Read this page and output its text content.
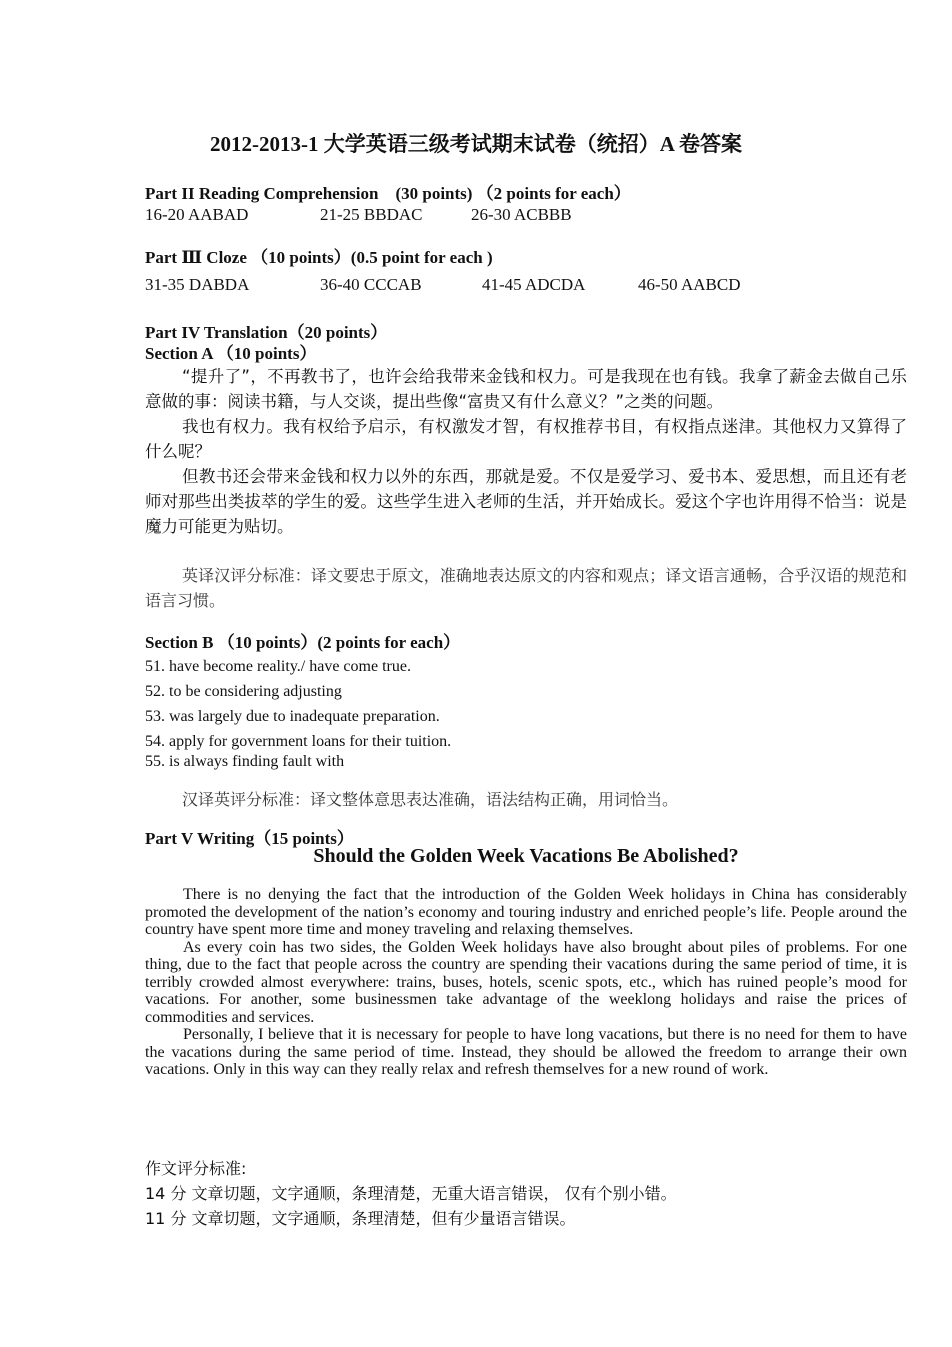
2012-2013-1 大学英语三级考试期末试卷（统招）A 卷答案
Part II Reading Comprehension　(30 points) （2 points for each）
16-20 AABAD	21-25 BBDAC	26-30 ACBBB
Part Ⅲ Cloze （10 points）(0.5 point for each )
31-35 DABDA	36-40 CCCAB	41-45 ADCDA	46-50 AABCD
Part IV Translation（20 points）
Section A （10 points）

“提升了”，不再教书了，也许会给我带来金钱和权力。可是我现在也有钱。我拿了薪金去做自己乐意做的事：阅读书籍，与人交谈，提出些像“富贵又有什么意义？”之类的问题。

我也有权力。我有权给予启示，有权激发才智，有权推荐书目，有权指点迷津。其他权力又算得了什么呢？

但教书还会带来金钱和权力以外的东西，那就是爱。不仅是爱学习、爱书本、爱思想，而且还有老师对那些出类拔萃的学生的爱。这些学生进入老师的生活，并开始成长。爱这个字也许用得不恰当：说是魔力可能更为贴切。

英译汉评分标准：译文要忠于原文，准确地表达原文的内容和观点；译文语言通畅，合乎汉语的规范和语言习惯。

Section B （10 points）(2 points for each）
51. have become reality./ have come true.
52. to be considering adjusting
53. was largely due to inadequate preparation.
54. apply for government loans for their tuition.
55. is always finding fault with

汉译英评分标准：译文整体意思表达准确，语法结构正确，用词恰当。

Part V Writing（15 points）
Should the Golden Week Vacations Be Abolished?

There is no denying the fact that the introduction of the Golden Week holidays in China has considerably promoted the development of the nation’s economy and touring industry and enriched people’s life. People around the country have spent more time and money traveling and relaxing themselves.

As every coin has two sides, the Golden Week holidays have also brought about piles of problems. For one thing, due to the fact that people across the country are spending their vacations during the same period of time, it is terribly crowded almost everywhere: trains, buses, hotels, scenic spots, etc., which has ruined people’s mood for vacations. For another, some businessmen take advantage of the weeklong holidays and raise the prices of commodities and services.

Personally, I believe that it is necessary for people to have long vacations, but there is no need for them to have the vacations during the same period of time. Instead, they should be allowed the freedom to arrange their own vacations. Only in this way can they really relax and refresh themselves for a new round of work.

作文评分标准:
14 分 文章切题，文字通顺，条理清楚，无重大语言错误， 仅有个别小错。
11 分 文章切题，文字通顺，条理清楚，但有少量语言错误。
